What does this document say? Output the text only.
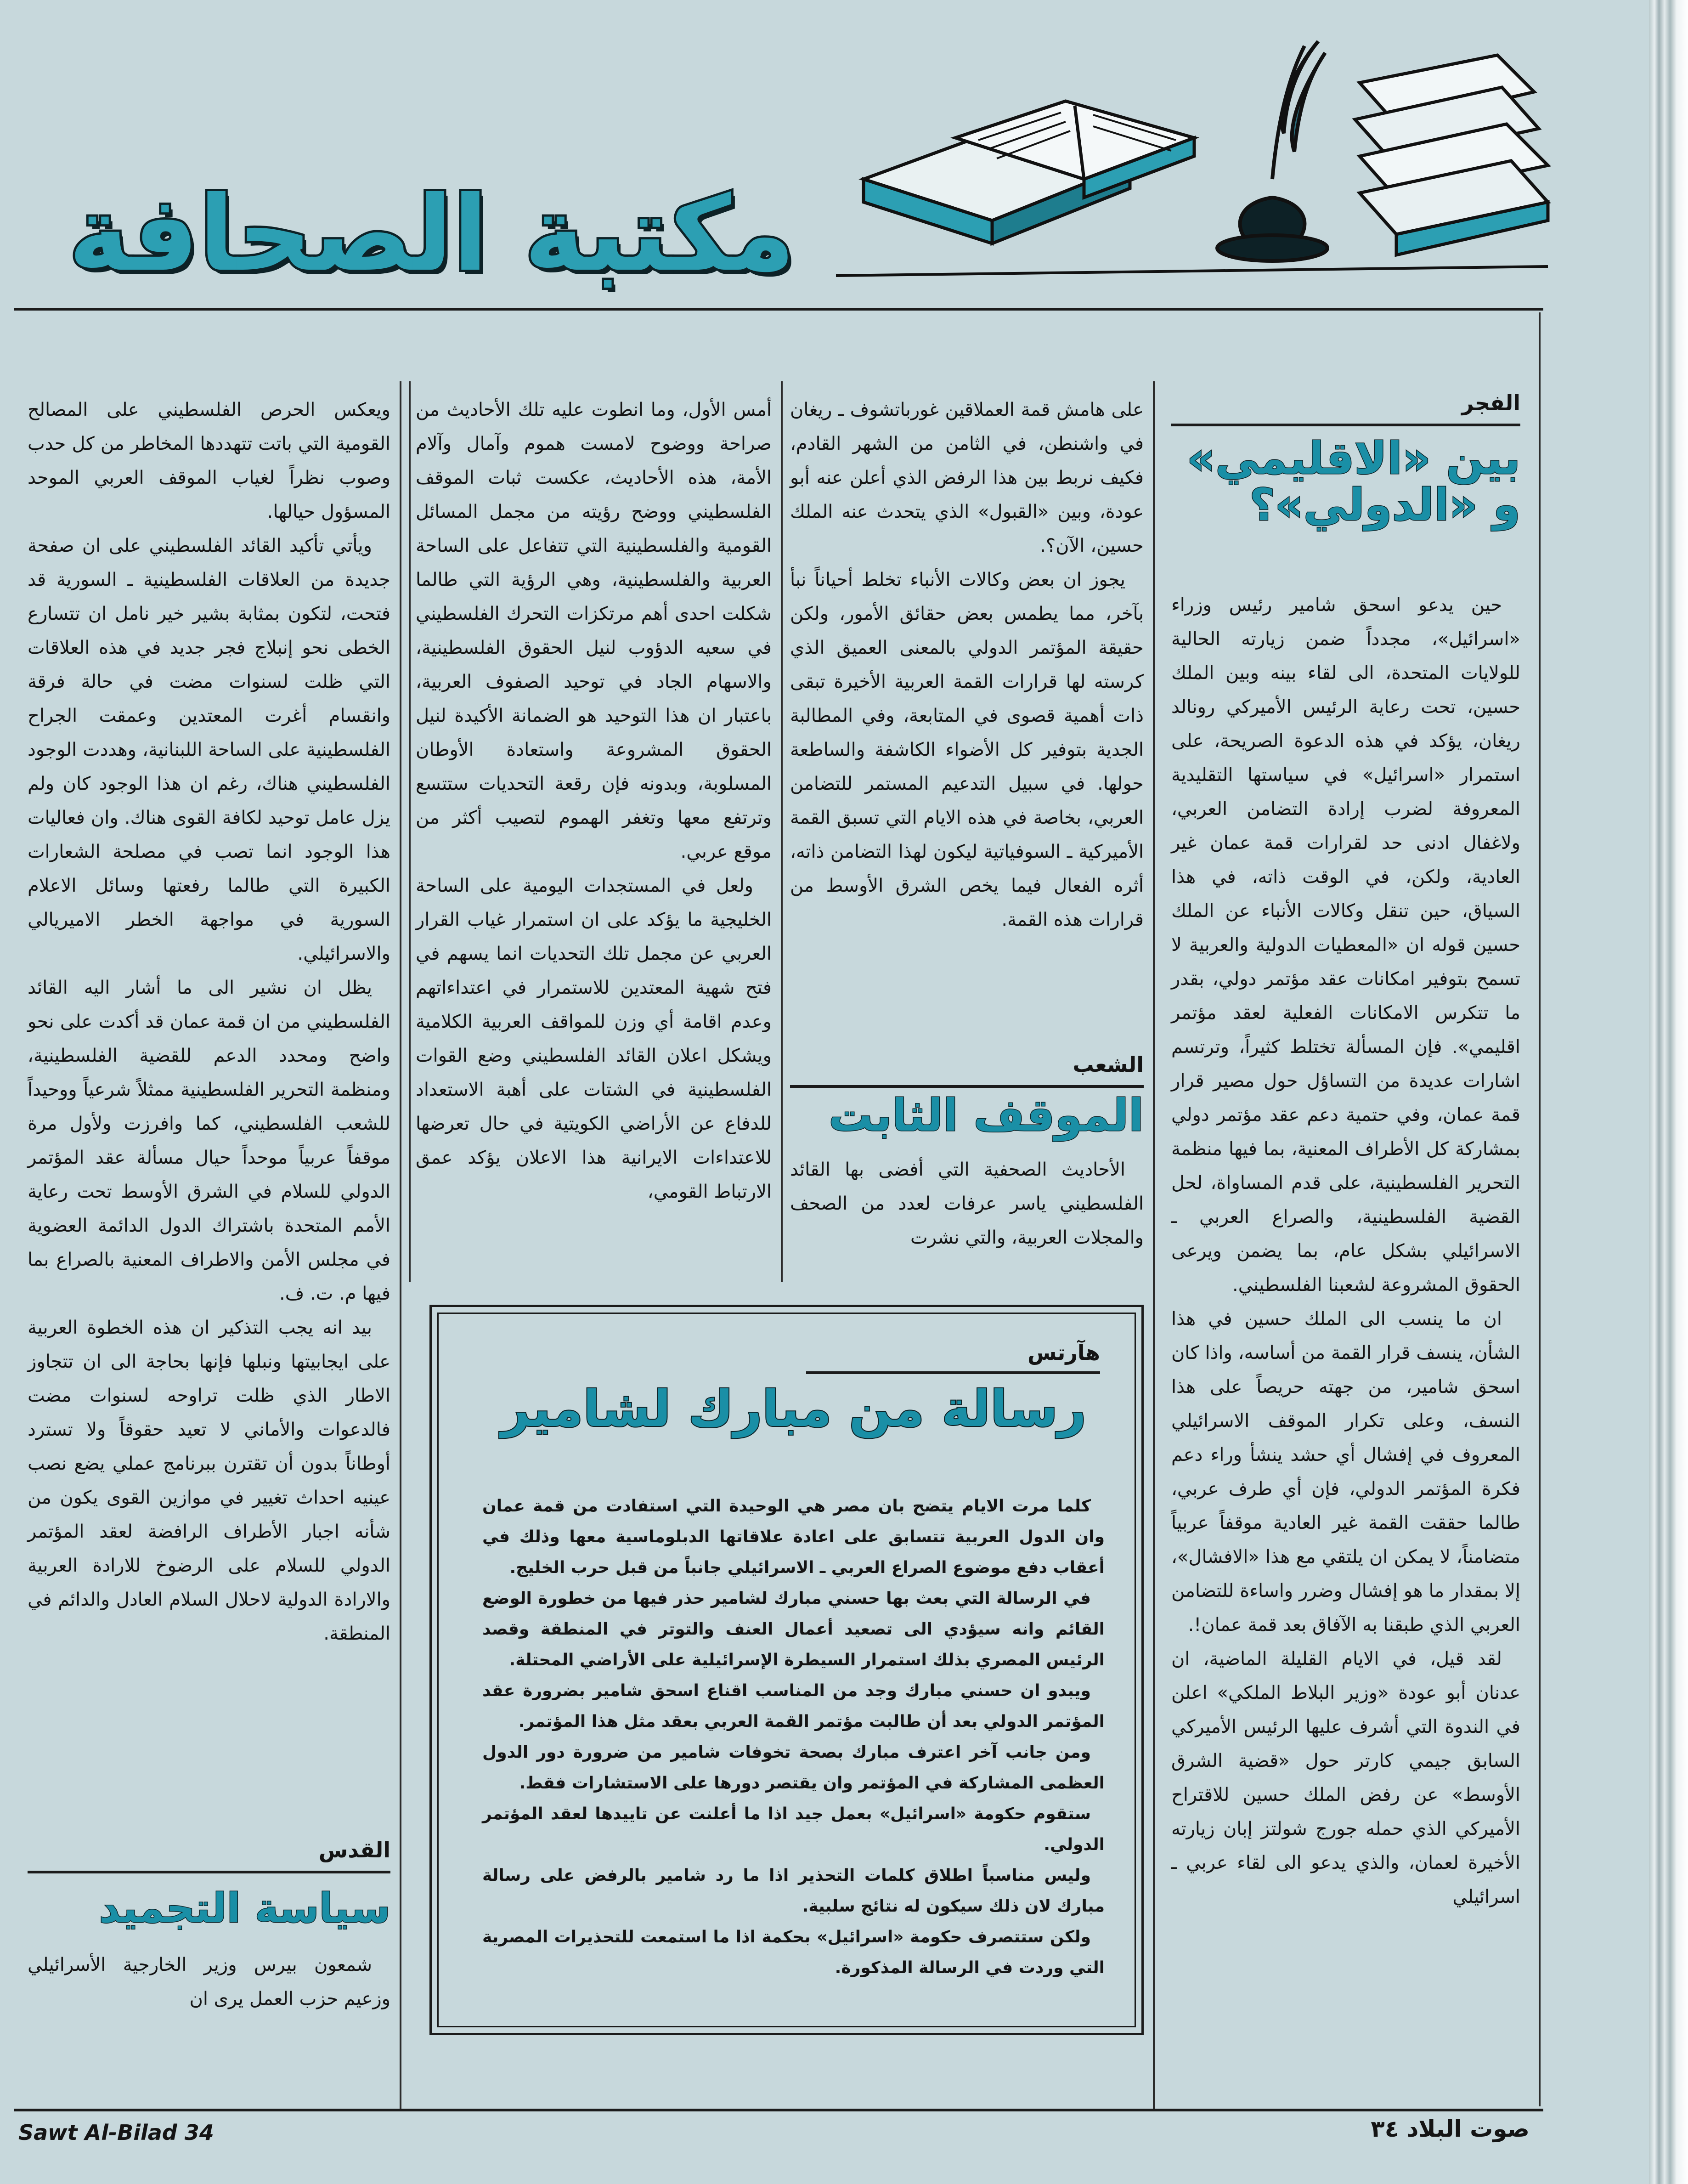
مكتبة الصحافة
الفجر
بين «الاقليمي»
و «الدولي»؟

حين يدعو اسحق شامير رئيس وزراء «اسرائيل»، مجدداً ضمن زيارته الحالية للولايات المتحدة، الى لقاء بينه وبين الملك حسين، تحت رعاية الرئيس الأميركي رونالد ريغان، يؤكد في هذه الدعوة الصريحة، على استمرار «اسرائيل» في سياستها التقليدية المعروفة لضرب إرادة التضامن العربي، ولاغفال ادنى حد لقرارات قمة عمان غير العادية، ولكن، في الوقت ذاته، في هذا السياق، حين تنقل وكالات الأنباء عن الملك حسين قوله ان «المعطيات الدولية والعربية لا تسمح بتوفير امكانات عقد مؤتمر دولي، بقدر ما تتكرس الامكانات الفعلية لعقد مؤتمر اقليمي». فإن المسألة تختلط كثيراً، وترتسم اشارات عديدة من التساؤل حول مصير قرار قمة عمان، وفي حتمية دعم عقد مؤتمر دولي بمشاركة كل الأطراف المعنية، بما فيها منظمة التحرير الفلسطينية، على قدم المساواة، لحل القضية الفلسطينية، والصراع العربي ـ الاسرائيلي بشكل عام، بما يضمن ويرعى الحقوق المشروعة لشعبنا الفلسطيني.

ان ما ينسب الى الملك حسين في هذا الشأن، ينسف قرار القمة من أساسه، واذا كان اسحق شامير، من جهته حريصاً على هذا النسف، وعلى تكرار الموقف الاسرائيلي المعروف في إفشال أي حشد ينشأ وراء دعم فكرة المؤتمر الدولي، فإن أي طرف عربي، طالما حققت القمة غير العادية موقفاً عربياً متضامناً، لا يمكن ان يلتقي مع هذا «الافشال»، إلا بمقدار ما هو إفشال وضرر واساءة للتضامن العربي الذي طبقنا به الآفاق بعد قمة عمان!.

لقد قيل، في الايام القليلة الماضية، ان عدنان أبو عودة «وزير البلاط الملكي» اعلن في الندوة التي أشرف عليها الرئيس الأميركي السابق جيمي كارتر حول «قضية الشرق الأوسط» عن رفض الملك حسين للاقتراح الأميركي الذي حمله جورج شولتز إبان زيارته الأخيرة لعمان، والذي يدعو الى لقاء عربي ـ اسرائيلي

على هامش قمة العملاقين غورباتشوف ـ ريغان في واشنطن، في الثامن من الشهر القادم، فكيف نربط بين هذا الرفض الذي أعلن عنه أبو عودة، وبين «القبول» الذي يتحدث عنه الملك حسين، الآن؟.

يجوز ان بعض وكالات الأنباء تخلط أحياناً نبأ بآخر، مما يطمس بعض حقائق الأمور، ولكن حقيقة المؤتمر الدولي بالمعنى العميق الذي كرسته لها قرارات القمة العربية الأخيرة تبقى ذات أهمية قصوى في المتابعة، وفي المطالبة الجدية بتوفير كل الأضواء الكاشفة والساطعة حولها. في سبيل التدعيم المستمر للتضامن العربي، بخاصة في هذه الايام التي تسبق القمة الأميركية ـ السوفياتية ليكون لهذا التضامن ذاته، أثره الفعال فيما يخص الشرق الأوسط من قرارات هذه القمة.

الشعب
الموقف الثابت

الأحاديث الصحفية التي أفضى بها القائد الفلسطيني ياسر عرفات لعدد من الصحف والمجلات العربية، والتي نشرت

أمس الأول، وما انطوت عليه تلك الأحاديث من صراحة ووضوح لامست هموم وآمال وآلام الأمة، هذه الأحاديث، عكست ثبات الموقف الفلسطيني ووضح رؤيته من مجمل المسائل القومية والفلسطينية التي تتفاعل على الساحة العربية والفلسطينية، وهي الرؤية التي طالما شكلت احدى أهم مرتكزات التحرك الفلسطيني في سعيه الدؤوب لنيل الحقوق الفلسطينية، والاسهام الجاد في توحيد الصفوف العربية، باعتبار ان هذا التوحيد هو الضمانة الأكيدة لنيل الحقوق المشروعة واستعادة الأوطان المسلوبة، وبدونه فإن رقعة التحديات ستتسع وترتفع معها وتغفر الهموم لتصيب أكثر من موقع عربي.

ولعل في المستجدات اليومية على الساحة الخليجية ما يؤكد على ان استمرار غياب القرار العربي عن مجمل تلك التحديات انما يسهم في فتح شهية المعتدين للاستمرار في اعتداءاتهم وعدم اقامة أي وزن للمواقف العربية الكلامية ويشكل اعلان القائد الفلسطيني وضع القوات الفلسطينية في الشتات على أهبة الاستعداد للدفاع عن الأراضي الكويتية في حال تعرضها للاعتداءات الايرانية هذا الاعلان يؤكد عمق الارتباط القومي،

ويعكس الحرص الفلسطيني على المصالح القومية التي باتت تتهددها المخاطر من كل حدب وصوب نظراً لغياب الموقف العربي الموحد المسؤول حيالها.

ويأتي تأكيد القائد الفلسطيني على ان صفحة جديدة من العلاقات الفلسطينية ـ السورية قد فتحت، لتكون بمثابة بشير خير نامل ان تتسارع الخطى نحو إنبلاج فجر جديد في هذه العلاقات التي ظلت لسنوات مضت في حالة فرقة وانقسام أغرت المعتدين وعمقت الجراح الفلسطينية على الساحة اللبنانية، وهددت الوجود الفلسطيني هناك، رغم ان هذا الوجود كان ولم يزل عامل توحيد لكافة القوى هناك. وان فعاليات هذا الوجود انما تصب في مصلحة الشعارات الكبيرة التي طالما رفعتها وسائل الاعلام السورية في مواجهة الخطر الاميريالي والاسرائيلي.

يظل ان نشير الى ما أشار اليه القائد الفلسطيني من ان قمة عمان قد أكدت على نحو واضح ومحدد الدعم للقضية الفلسطينية، ومنظمة التحرير الفلسطينية ممثلاً شرعياً ووحيداً للشعب الفلسطيني، كما وافرزت ولأول مرة موقفاً عربياً موحداً حيال مسألة عقد المؤتمر الدولي للسلام في الشرق الأوسط تحت رعاية الأمم المتحدة باشتراك الدول الدائمة العضوية في مجلس الأمن والاطراف المعنية بالصراع بما فيها م. ت. ف.

بيد انه يجب التذكير ان هذه الخطوة العربية على ايجابيتها ونبلها فإنها بحاجة الى ان تتجاوز الاطار الذي ظلت تراوحه لسنوات مضت فالدعوات والأماني لا تعيد حقوقاً ولا تسترد أوطاناً بدون أن تقترن ببرنامج عملي يضع نصب عينيه احداث تغيير في موازين القوى يكون من شأنه اجبار الأطراف الرافضة لعقد المؤتمر الدولي للسلام على الرضوخ للارادة العربية والارادة الدولية لاحلال السلام العادل والدائم في المنطقة.

القدس
سياسة التجميد

شمعون بيرس وزير الخارجية الأسرائيلي وزعيم حزب العمل يرى ان

هآرتس
رسالة من مبارك لشامير

كلما مرت الايام يتضح بان مصر هي الوحيدة التي استفادت من قمة عمان وان الدول العربية تتسابق على اعادة علاقاتها الدبلوماسية معها وذلك في أعقاب دفع موضوع الصراع العربي ـ الاسرائيلي جانباً من قبل حرب الخليج.

في الرسالة التي بعث بها حسني مبارك لشامير حذر فيها من خطورة الوضع القائم وانه سيؤدي الى تصعيد أعمال العنف والتوتر في المنطقة وقصد الرئيس المصري بذلك استمرار السيطرة الإسرائيلية على الأراضي المحتلة.

ويبدو ان حسني مبارك وجد من المناسب اقناع اسحق شامير بضرورة عقد المؤتمر الدولي بعد أن طالبت مؤتمر القمة العربي بعقد مثل هذا المؤتمر.

ومن جانب آخر اعترف مبارك بصحة تخوفات شامير من ضرورة دور الدول العظمى المشاركة في المؤتمر وان يقتصر دورها على الاستشارات فقط.

ستقوم حكومة «اسرائيل» بعمل جيد اذا ما أعلنت عن تاييدها لعقد المؤتمر الدولي.

وليس مناسباً اطلاق كلمات التحذير اذا ما رد شامير بالرفض على رسالة مبارك لان ذلك سيكون له نتائج سلبية.

ولكن ستتصرف حكومة «اسرائيل» بحكمة اذا ما استمعت للتحذيرات المصرية التي وردت في الرسالة المذكورة.

Sawt Al-Bilad 34	صوت البلاد ٣٤
